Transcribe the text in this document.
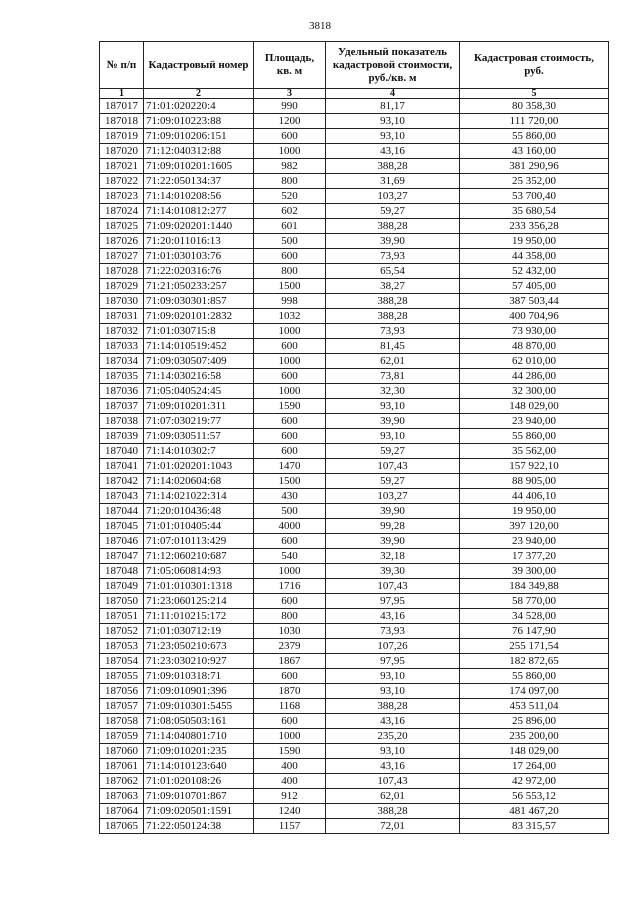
3818
№ п/п	Кадастровый номер	Площадь, кв. м	Удельный показатель кадастровой стоимости, руб./кв. м	Кадастровая стоимость, руб.
1	2	3	4	5
187017	71:01:020220:4	990	81,17	80 358,30
187018	71:09:010223:88	1200	93,10	111 720,00
187019	71:09:010206:151	600	93,10	55 860,00
187020	71:12:040312:88	1000	43,16	43 160,00
187021	71:09:010201:1605	982	388,28	381 290,96
187022	71:22:050134:37	800	31,69	25 352,00
187023	71:14:010208:56	520	103,27	53 700,40
187024	71:14:010812:277	602	59,27	35 680,54
187025	71:09:020201:1440	601	388,28	233 356,28
187026	71:20:011016:13	500	39,90	19 950,00
187027	71:01:030103:76	600	73,93	44 358,00
187028	71:22:020316:76	800	65,54	52 432,00
187029	71:21:050233:257	1500	38,27	57 405,00
187030	71:09:030301:857	998	388,28	387 503,44
187031	71:09:020101:2832	1032	388,28	400 704,96
187032	71:01:030715:8	1000	73,93	73 930,00
187033	71:14:010519:452	600	81,45	48 870,00
187034	71:09:030507:409	1000	62,01	62 010,00
187035	71:14:030216:58	600	73,81	44 286,00
187036	71:05:040524:45	1000	32,30	32 300,00
187037	71:09:010201:311	1590	93,10	148 029,00
187038	71:07:030219:77	600	39,90	23 940,00
187039	71:09:030511:57	600	93,10	55 860,00
187040	71:14:010302:7	600	59,27	35 562,00
187041	71:01:020201:1043	1470	107,43	157 922,10
187042	71:14:020604:68	1500	59,27	88 905,00
187043	71:14:021022:314	430	103,27	44 406,10
187044	71:20:010436:48	500	39,90	19 950,00
187045	71:01:010405:44	4000	99,28	397 120,00
187046	71:07:010113:429	600	39,90	23 940,00
187047	71:12:060210:687	540	32,18	17 377,20
187048	71:05:060814:93	1000	39,30	39 300,00
187049	71:01:010301:1318	1716	107,43	184 349,88
187050	71:23:060125:214	600	97,95	58 770,00
187051	71:11:010215:172	800	43,16	34 528,00
187052	71:01:030712:19	1030	73,93	76 147,90
187053	71:23:050210:673	2379	107,26	255 171,54
187054	71:23:030210:927	1867	97,95	182 872,65
187055	71:09:010318:71	600	93,10	55 860,00
187056	71:09:010901:396	1870	93,10	174 097,00
187057	71:09:010301:5455	1168	388,28	453 511,04
187058	71:08:050503:161	600	43,16	25 896,00
187059	71:14:040801:710	1000	235,20	235 200,00
187060	71:09:010201:235	1590	93,10	148 029,00
187061	71:14:010123:640	400	43,16	17 264,00
187062	71:01:020108:26	400	107,43	42 972,00
187063	71:09:010701:867	912	62,01	56 553,12
187064	71:09:020501:1591	1240	388,28	481 467,20
187065	71:22:050124:38	1157	72,01	83 315,57
